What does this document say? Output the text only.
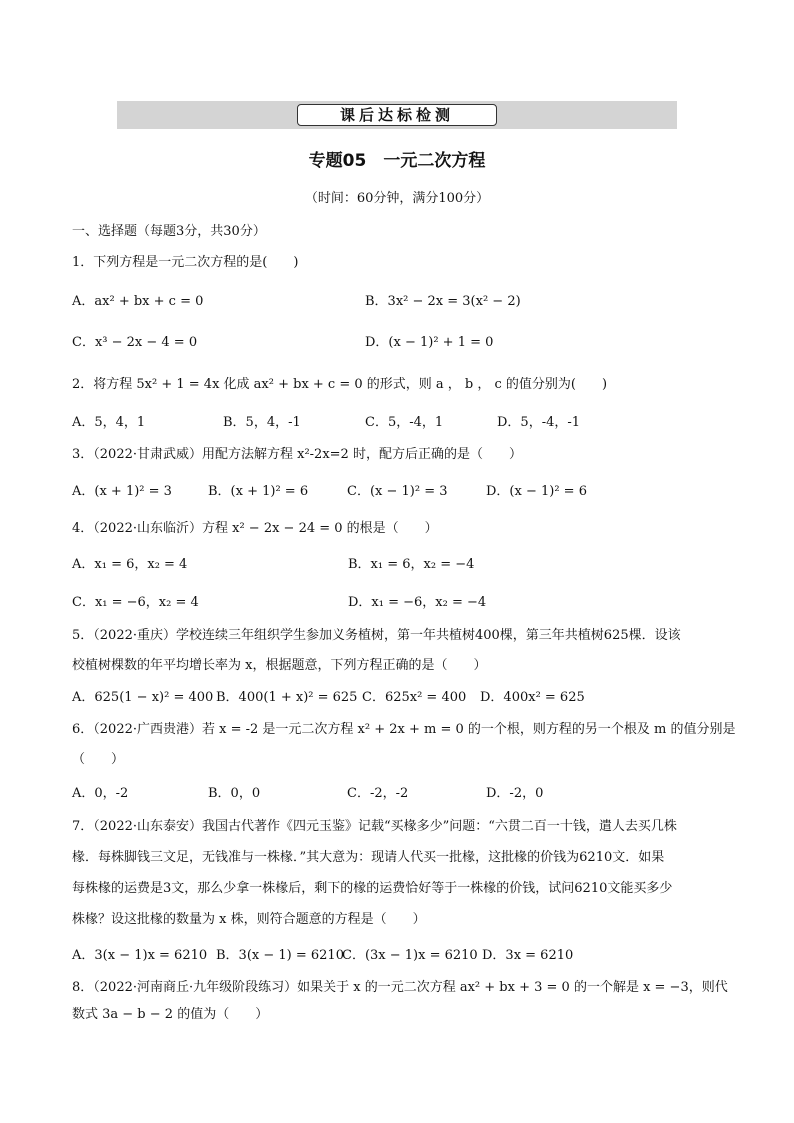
课后达标检测
专题05　一元二次方程
（时间：60分钟，满分100分）
一、选择题（每题3分，共30分）
1．下列方程是一元二次方程的是(　　)
A．ax² + bx + c = 0	B．3x² − 2x = 3(x² − 2)
C．x³ − 2x − 4 = 0	D．(x − 1)² + 1 = 0
2．将方程 5x² + 1 = 4x 化成 ax² + bx + c = 0 的形式，则 a ， b ， c 的值分别为(　　)
A．5，4，1	B．5，4，-1	C．5，-4，1	D．5，-4，-1
3．（2022·甘肃武威）用配方法解方程 x²-2x=2 时，配方后正确的是（　　）
A．(x + 1)² = 3	B．(x + 1)² = 6	C．(x − 1)² = 3	D．(x − 1)² = 6
4．（2022·山东临沂）方程 x² − 2x − 24 = 0 的根是（　　）
A．x₁ = 6，x₂ = 4	B．x₁ = 6，x₂ = −4
C．x₁ = −6，x₂ = 4	D．x₁ = −6，x₂ = −4
5．（2022·重庆）学校连续三年组织学生参加义务植树，第一年共植树400棵，第三年共植树625棵．设该
校植树棵数的年平均增长率为 x，根据题意，下列方程正确的是（　　）
A．625(1 − x)² = 400 B．400(1 + x)² = 625 C．625x² = 400 D．400x² = 625
6．（2022·广西贵港）若 x = -2 是一元二次方程 x² + 2x + m = 0 的一个根，则方程的另一个根及 m 的值分别是
（　　）
A．0，-2	B．0，0	C．-2，-2	D．-2，0
7．（2022·山东泰安）我国古代著作《四元玉鉴》记载“买椽多少”问题：“六贯二百一十钱，遣人去买几株
椽．每株脚钱三文足，无钱准与一株椽．”其大意为：现请人代买一批椽，这批椽的价钱为6210文．如果
每株椽的运费是3文，那么少拿一株椽后，剩下的椽的运费恰好等于一株椽的价钱，试问6210文能买多少
株椽？设这批椽的数量为 x 株，则符合题意的方程是（　　）
A．3(x − 1)x = 6210 B．3(x − 1) = 6210
C．(3x − 1)x = 6210 D．3x = 6210
8．（2022·河南商丘·九年级阶段练习）如果关于 x 的一元二次方程 ax² + bx + 3 = 0 的一个解是 x = −3，则代
数式 3a − b − 2 的值为（　　）
